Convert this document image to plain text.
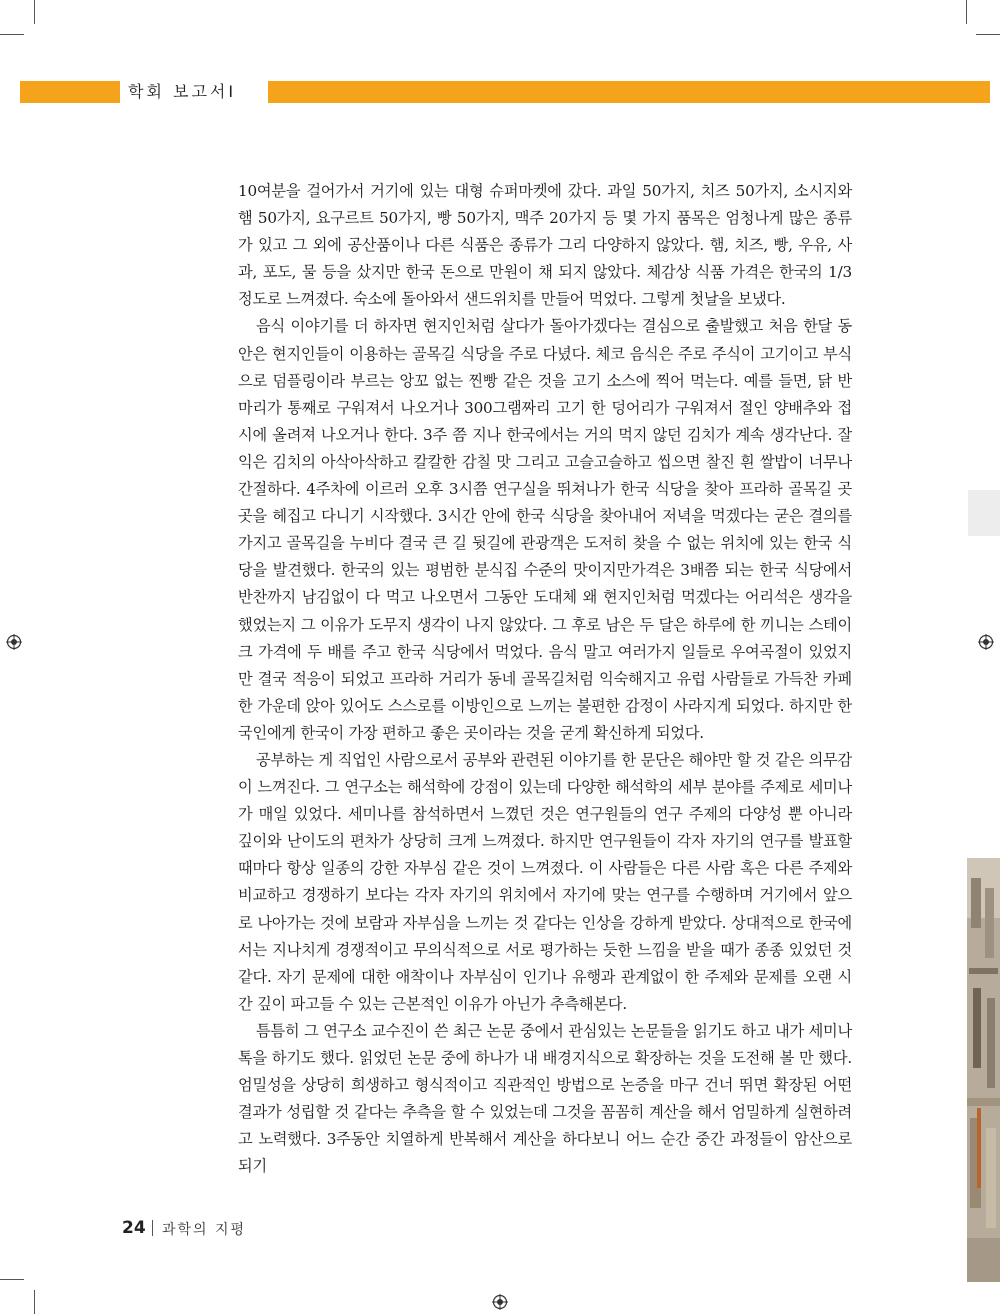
학회 보고서Ⅰ

10여분을 걸어가서 거기에 있는 대형 슈퍼마켓에 갔다. 과일 50가지, 치즈 50가지, 소시지와 햄 50가지, 요구르트 50가지, 빵 50가지, 맥주 20가지 등 몇 가지 품목은 엄청나게 많은 종류가 있고 그 외에 공산품이나 다른 식품은 종류가 그리 다양하지 않았다. 햄, 치즈, 빵, 우유, 사과, 포도, 물 등을 샀지만 한국 돈으로 만원이 채 되지 않았다. 체감상 식품 가격은 한국의 1/3 정도로 느껴졌다. 숙소에 돌아와서 샌드위치를 만들어 먹었다. 그렇게 첫날을 보냈다.

음식 이야기를 더 하자면 현지인처럼 살다가 돌아가겠다는 결심으로 출발했고 처음 한달 동안은 현지인들이 이용하는 골목길 식당을 주로 다녔다. 체코 음식은 주로 주식이 고기이고 부식으로 덤플링이라 부르는 앙꼬 없는 찐빵 같은 것을 고기 소스에 찍어 먹는다. 예를 들면, 닭 반마리가 통째로 구워져서 나오거나 300그램짜리 고기 한 덩어리가 구워져서 절인 양배추와 접시에 올려져 나오거나 한다. 3주 쯤 지나 한국에서는 거의 먹지 않던 김치가 계속 생각난다. 잘 익은 김치의 아삭아삭하고 칼칼한 감칠 맛 그리고 고슬고슬하고 씹으면 찰진 흰 쌀밥이 너무나 간절하다. 4주차에 이르러 오후 3시쯤 연구실을 뛰쳐나가 한국 식당을 찾아 프라하 골목길 곳곳을 헤집고 다니기 시작했다. 3시간 안에 한국 식당을 찾아내어 저녁을 먹겠다는 굳은 결의를 가지고 골목길을 누비다 결국 큰 길 뒷길에 관광객은 도저히 찾을 수 없는 위치에 있는 한국 식당을 발견했다. 한국의 있는 평범한 분식집 수준의 맛이지만가격은 3배쯤 되는 한국 식당에서 반찬까지 남김없이 다 먹고 나오면서 그동안 도대체 왜 현지인처럼 먹겠다는 어리석은 생각을 했었는지 그 이유가 도무지 생각이 나지 않았다. 그 후로 남은 두 달은 하루에 한 끼니는 스테이크 가격에 두 배를 주고 한국 식당에서 먹었다. 음식 말고 여러가지 일들로 우여곡절이 있었지만 결국 적응이 되었고 프라하 거리가 동네 골목길처럼 익숙해지고 유럽 사람들로 가득찬 카페 한 가운데 앉아 있어도 스스로를 이방인으로 느끼는 불편한 감정이 사라지게 되었다. 하지만 한국인에게 한국이 가장 편하고 좋은 곳이라는 것을 굳게 확신하게 되었다.

공부하는 게 직업인 사람으로서 공부와 관련된 이야기를 한 문단은 해야만 할 것 같은 의무감이 느껴진다. 그 연구소는 해석학에 강점이 있는데 다양한 해석학의 세부 분야를 주제로 세미나가 매일 있었다. 세미나를 참석하면서 느꼈던 것은 연구원들의 연구 주제의 다양성 뿐 아니라 깊이와 난이도의 편차가 상당히 크게 느껴졌다. 하지만 연구원들이 각자 자기의 연구를 발표할 때마다 항상 일종의 강한 자부심 같은 것이 느껴졌다. 이 사람들은 다른 사람 혹은 다른 주제와 비교하고 경쟁하기 보다는 각자 자기의 위치에서 자기에 맞는 연구를 수행하며 거기에서 앞으로 나아가는 것에 보람과 자부심을 느끼는 것 같다는 인상을 강하게 받았다. 상대적으로 한국에서는 지나치게 경쟁적이고 무의식적으로 서로 평가하는 듯한 느낌을 받을 때가 종종 있었던 것 같다. 자기 문제에 대한 애착이나 자부심이 인기나 유행과 관계없이 한 주제와 문제를 오랜 시간 깊이 파고들 수 있는 근본적인 이유가 아닌가 추측해본다.

틈틈히 그 연구소 교수진이 쓴 최근 논문 중에서 관심있는 논문들을 읽기도 하고 내가 세미나톡을 하기도 했다. 읽었던 논문 중에 하나가 내 배경지식으로 확장하는 것을 도전해 볼 만 했다. 엄밀성을 상당히 희생하고 형식적이고 직관적인 방법으로 논증을 마구 건너 뛰면 확장된 어떤 결과가 성립할 것 같다는 추측을 할 수 있었는데 그것을 꼼꼼히 계산을 해서 엄밀하게 실현하려고 노력했다. 3주동안 치열하게 반복해서 계산을 하다보니 어느 순간 중간 과정들이 암산으로 되기

24 과학의 지평
